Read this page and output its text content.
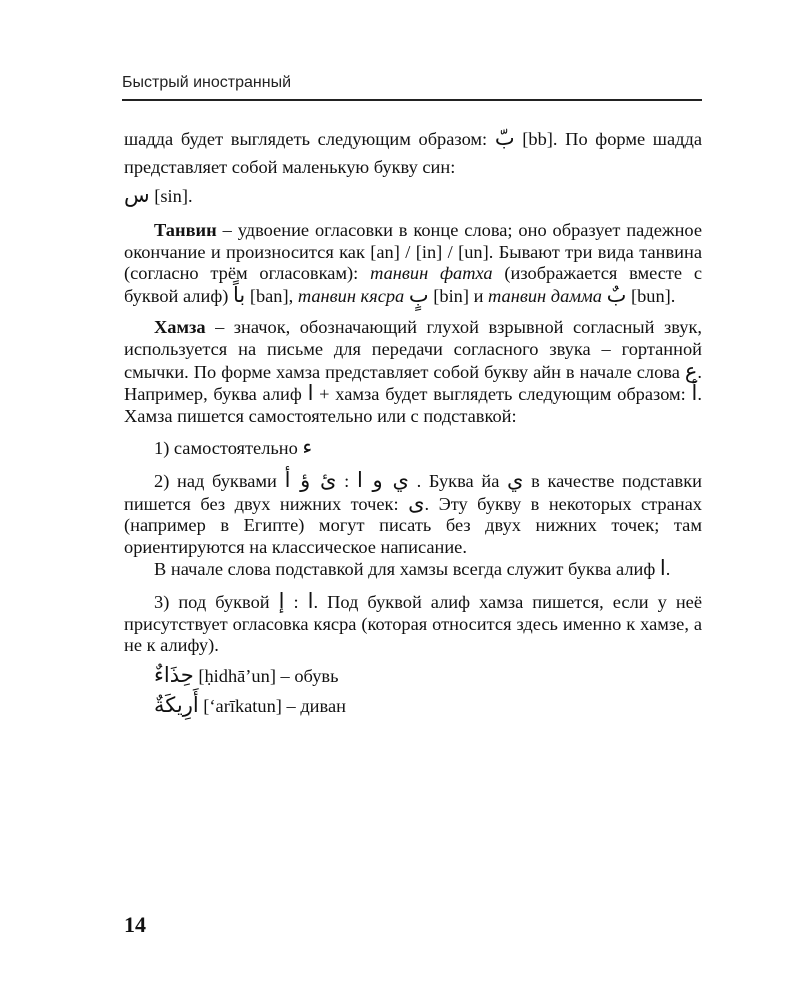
Быстрый иностранный

шадда будет выглядеть следующим образом: بّ [bb]. По форме шадда представляет собой маленькую букву син:

س [sin].

Танвин – удвоение огласовки в конце слова; оно образует падежное окончание и произносится как [an] / [in] / [un]. Бывают три вида танвина (согласно трём огласовкам): танвин фатха (изображается вместе с буквой алиф) باً [ban], танвин кясра بٍ [bin] и танвин дамма بٌ [bun].

Хамза – значок, обозначающий глухой взрывной согласный звук, используется на письме для передачи согласного звука – гортанной смычки. По форме хамза представляет собой букву айн в начале слова ع. Например, буква алиф ا + хамза будет выглядеть следующим образом: أ. Хамза пишется самостоятельно или с подставкой:

1) самостоятельно ء

2) над буквами ئ ؤ أ : ي و ا . Буква йа ي в качестве подставки пишется без двух нижних точек: ى. Эту букву в некоторых странах (например в Египте) могут писать без двух нижних точек; там ориентируются на классическое написание.

В начале слова подставкой для хамзы всегда служит буква алиф ا.

3) под буквой إ : ا. Под буквой алиф хамза пишется, если у неё присутствует огласовка кясра (которая относится здесь именно к хамзе, а не к алифу).

حِذَاءٌ [ḥidhā’un] – обувь

أَرِيكَةٌ [‘arīkatun] – диван

14
